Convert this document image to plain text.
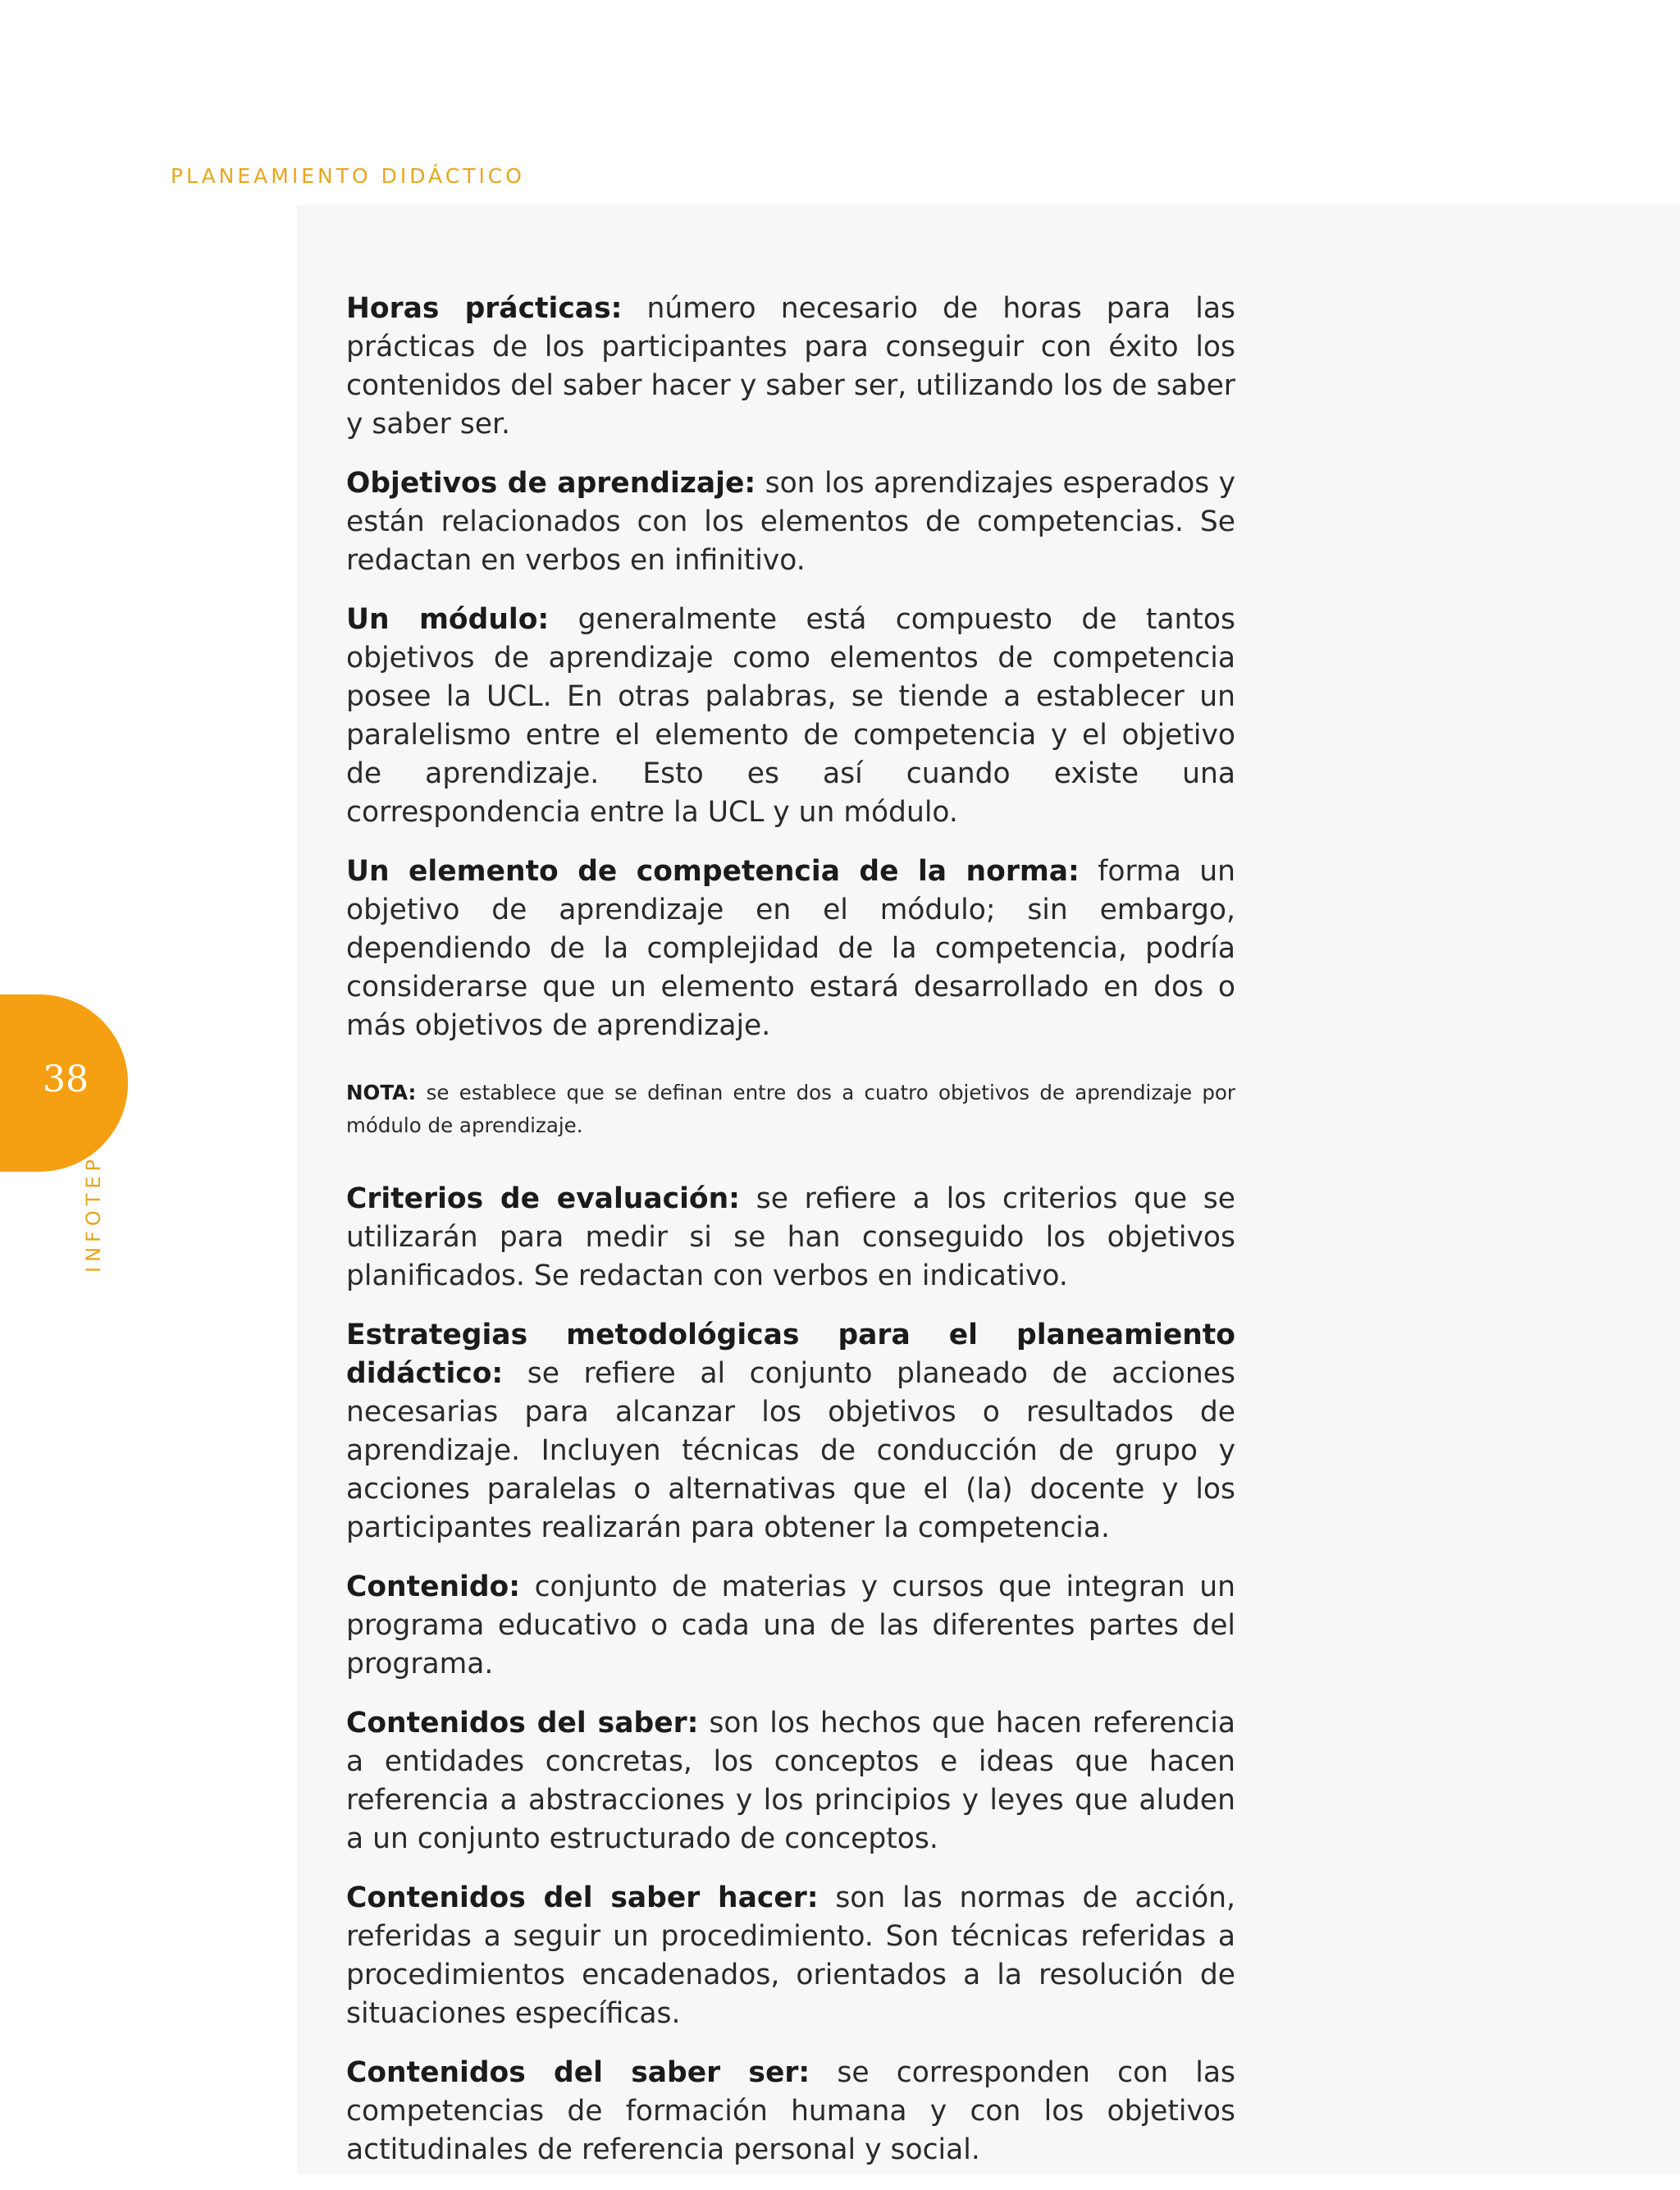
PLANEAMIENTO DIDÁCTICO
38
INFOTEP

Horas prácticas: número necesario de horas para las prácticas de los participantes para conseguir con éxito los contenidos del saber hacer y saber ser, utilizando los de saber y saber ser.

Objetivos de aprendizaje: son los aprendizajes esperados y están relacionados con los elementos de competencias. Se redactan en verbos en infinitivo.

Un módulo: generalmente está compuesto de tantos objetivos de aprendizaje como elementos de competencia posee la UCL. En otras palabras, se tiende a establecer un paralelismo entre el elemento de competencia y el objetivo de aprendizaje. Esto es así cuando existe una correspondencia entre la UCL y un módulo.

Un elemento de competencia de la norma: forma un objetivo de aprendizaje en el módulo; sin embargo, dependiendo de la complejidad de la competencia, podría considerarse que un elemento estará desarrollado en dos o más objetivos de aprendizaje.

NOTA: se establece que se definan entre dos a cuatro objetivos de aprendizaje por módulo de aprendizaje.

Criterios de evaluación: se refiere a los criterios que se utilizarán para medir si se han conseguido los objetivos planificados. Se redactan con verbos en indicativo.

Estrategias metodológicas para el planeamiento didáctico: se refiere al conjunto planeado de acciones necesarias para alcanzar los objetivos o resultados de aprendizaje. Incluyen técnicas de conducción de grupo y acciones paralelas o alternativas que el (la) docente y los participantes realizarán para obtener la competencia.

Contenido: conjunto de materias y cursos que integran un programa educativo o cada una de las diferentes partes del programa.

Contenidos del saber: son los hechos que hacen referencia a entidades concretas, los conceptos e ideas que hacen referencia a abstracciones y los principios y leyes que aluden a un conjunto estructurado de conceptos.

Contenidos del saber hacer: son las normas de acción, referidas a seguir un procedimiento. Son técnicas referidas a procedimientos encadenados, orientados a la resolución de situaciones específicas.

Contenidos del saber ser: se corresponden con las competencias de formación humana y con los objetivos actitudinales de referencia personal y social.
